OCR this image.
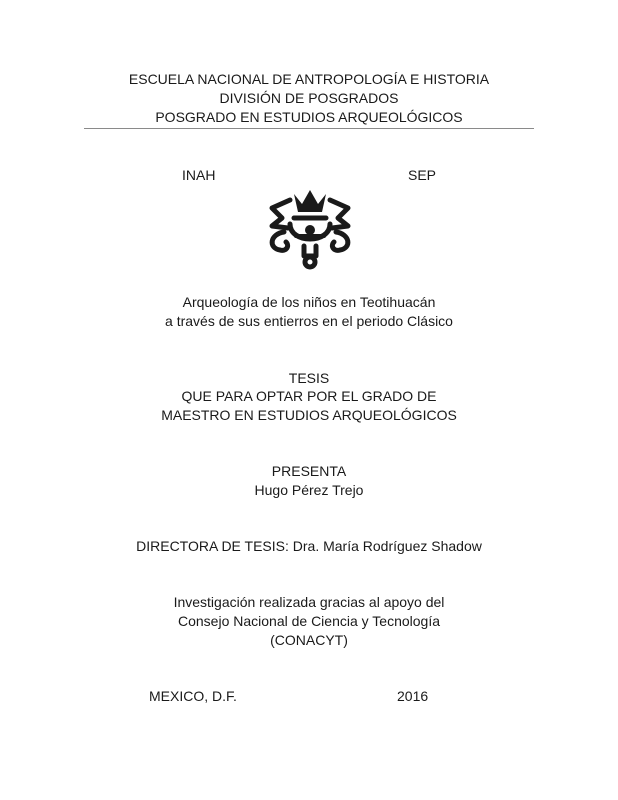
ESCUELA NACIONAL DE ANTROPOLOGÍA E HISTORIA
DIVISIÓN DE POSGRADOS
POSGRADO EN ESTUDIOS ARQUEOLÓGICOS
INAH	SEP
Arqueología de los niños en Teotihuacán
a través de sus entierros en el periodo Clásico
TESIS
QUE PARA OPTAR POR EL GRADO DE
MAESTRO EN ESTUDIOS ARQUEOLÓGICOS
PRESENTA
Hugo Pérez Trejo
DIRECTORA DE TESIS: Dra. María Rodríguez Shadow
Investigación realizada gracias al apoyo del
Consejo Nacional de Ciencia y Tecnología
(CONACYT)
MEXICO, D.F.	2016
